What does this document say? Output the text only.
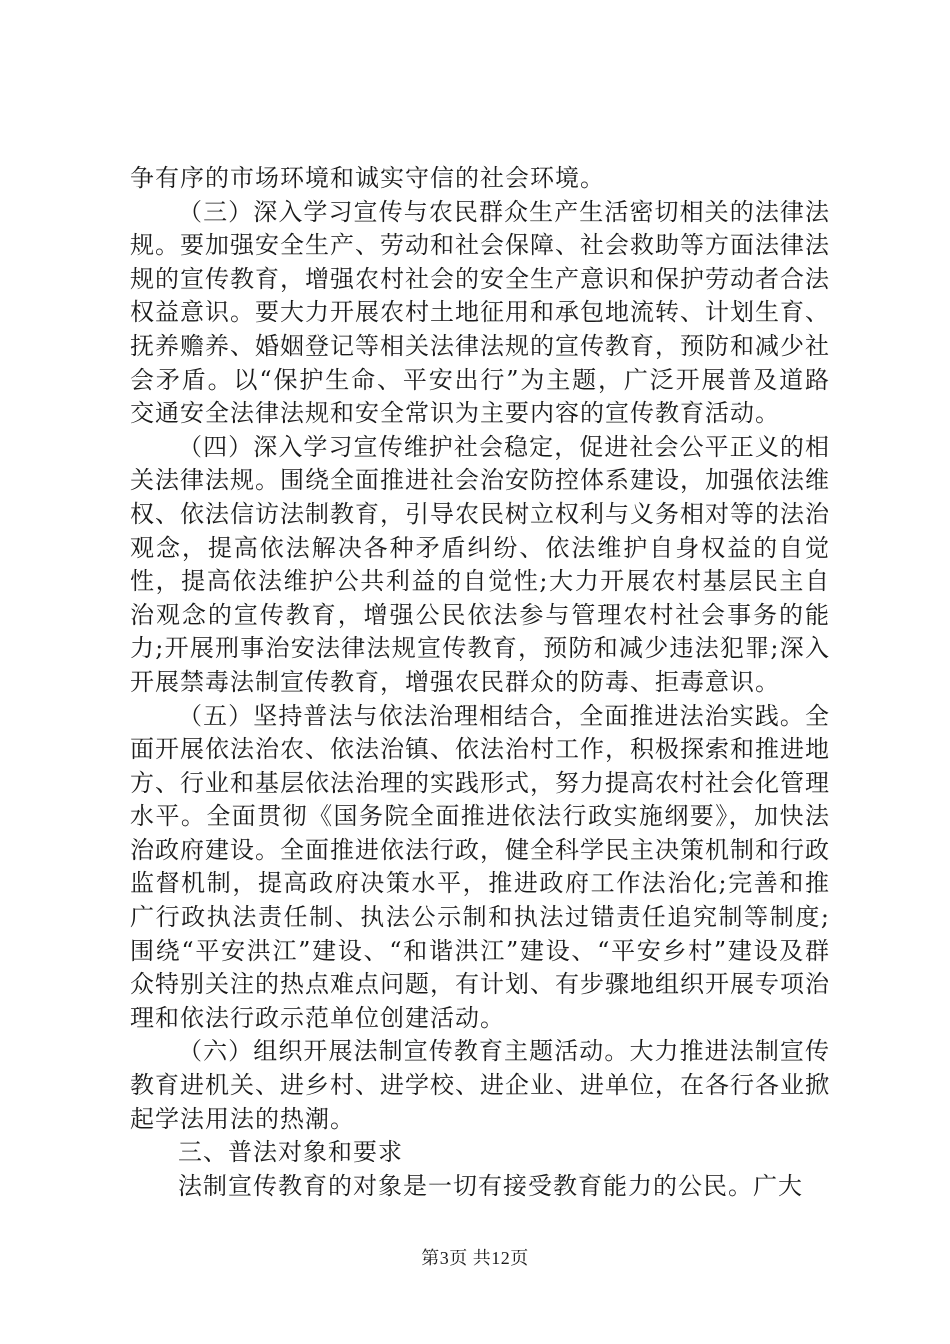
争有序的市场环境和诚实守信的社会环境。

（三）深入学习宣传与农民群众生产生活密切相关的法律法规。要加强安全生产、劳动和社会保障、社会救助等方面法律法规的宣传教育，增强农村社会的安全生产意识和保护劳动者合法权益意识。要大力开展农村土地征用和承包地流转、计划生育、抚养赡养、婚姻登记等相关法律法规的宣传教育，预防和减少社会矛盾。以“保护生命、平安出行”为主题，广泛开展普及道路交通安全法律法规和安全常识为主要内容的宣传教育活动。

（四）深入学习宣传维护社会稳定，促进社会公平正义的相关法律法规。围绕全面推进社会治安防控体系建设，加强依法维权、依法信访法制教育，引导农民树立权利与义务相对等的法治观念，提高依法解决各种矛盾纠纷、依法维护自身权益的自觉性，提高依法维护公共利益的自觉性;大力开展农村基层民主自治观念的宣传教育，增强公民依法参与管理农村社会事务的能力;开展刑事治安法律法规宣传教育，预防和减少违法犯罪;深入开展禁毒法制宣传教育，增强农民群众的防毒、拒毒意识。

（五）坚持普法与依法治理相结合，全面推进法治实践。全面开展依法治农、依法治镇、依法治村工作，积极探索和推进地方、行业和基层依法治理的实践形式，努力提高农村社会化管理水平。全面贯彻《国务院全面推进依法行政实施纲要》，加快法治政府建设。全面推进依法行政，健全科学民主决策机制和行政监督机制，提高政府决策水平，推进政府工作法治化;完善和推广行政执法责任制、执法公示制和执法过错责任追究制等制度;围绕“平安洪江”建设、“和谐洪江”建设、“平安乡村”建设及群众特别关注的热点难点问题，有计划、有步骤地组织开展专项治理和依法行政示范单位创建活动。

（六）组织开展法制宣传教育主题活动。大力推进法制宣传教育进机关、进乡村、进学校、进企业、进单位，在各行各业掀起学法用法的热潮。

三、普法对象和要求

法制宣传教育的对象是一切有接受教育能力的公民。广大

第3页 共12页
